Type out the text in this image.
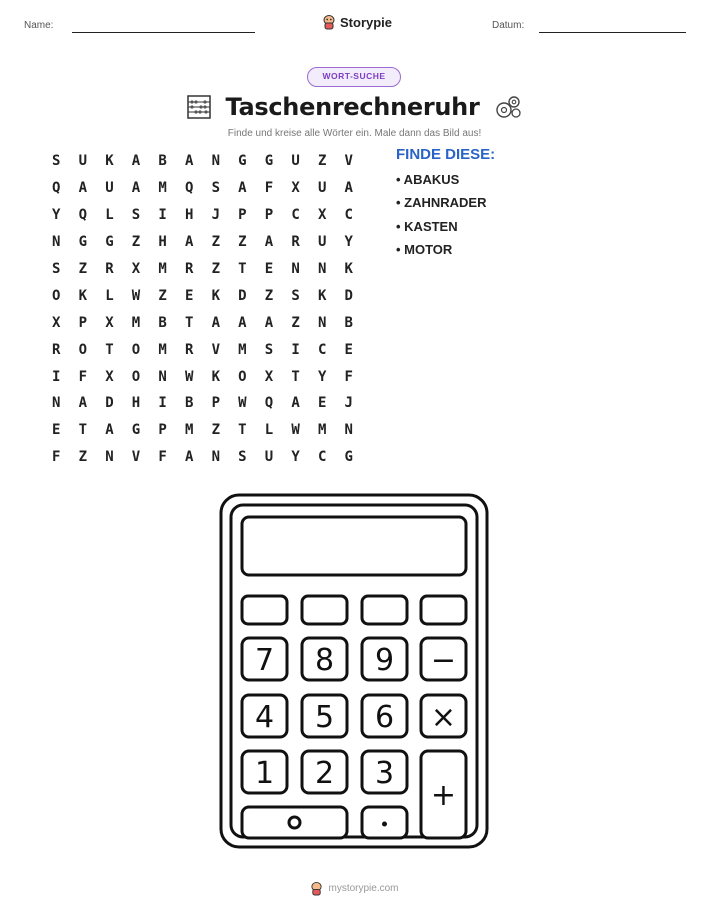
Name:	Storypie	Datum:
WORT-SUCHE
Taschenrechneruhr
Finde und kreise alle Wörter ein. Male dann das Bild aus!
S	U	K	A	B	A	N	G	G	U	Z	V
Q	A	U	A	M	Q	S	A	F	X	U	A
Y	Q	L	S	I	H	J	P	P	C	X	C
N	G	G	Z	H	A	Z	Z	A	R	U	Y
S	Z	R	X	M	R	Z	T	E	N	N	K
O	K	L	W	Z	E	K	D	Z	S	K	D
X	P	X	M	B	T	A	A	A	Z	N	B
R	O	T	O	M	R	V	M	S	I	C	E
I	F	X	O	N	W	K	O	X	T	Y	F
N	A	D	H	I	B	P	W	Q	A	E	J
E	T	A	G	P	M	Z	T	L	W	M	N
F	Z	N	V	F	A	N	S	U	Y	C	G
FINDE DIESE:
• ABAKUS
• ZAHNRADER
• KASTEN
• MOTOR
7 8 9 −
4 5 6 ×
1 2 3
+
mystorypie.com
